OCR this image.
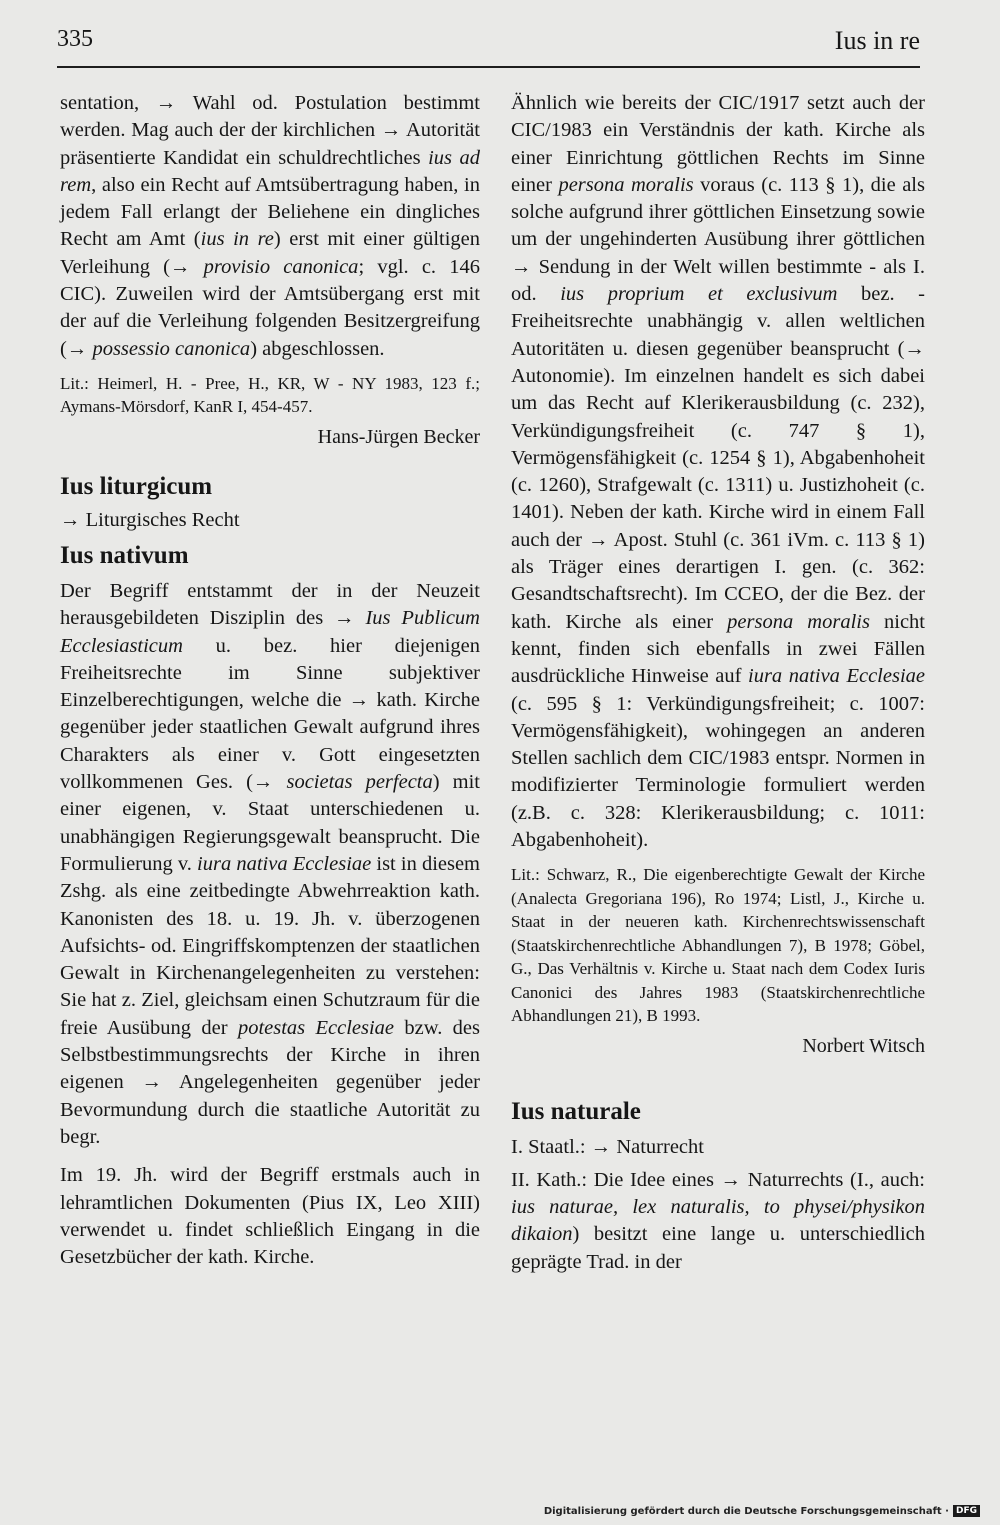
335	Ius in re

sentation, → Wahl od. Postulation bestimmt werden. Mag auch der der kirchlichen → Autorität präsentierte Kandidat ein schuldrechtliches ius ad rem, also ein Recht auf Amtsübertragung haben, in jedem Fall erlangt der Beliehene ein dingliches Recht am Amt (ius in re) erst mit einer gültigen Verleihung (→ provisio canonica; vgl. c. 146 CIC). Zuweilen wird der Amtsübergang erst mit der auf die Verleihung folgenden Besitzergreifung (→ possessio canonica) abgeschlossen.

Lit.: Heimerl, H. - Pree, H., KR, W - NY 1983, 123 f.; Aymans-Mörsdorf, KanR I, 454-457.

Hans-Jürgen Becker
Ius liturgicum

→ Liturgisches Recht

Ius nativum

Der Begriff entstammt der in der Neuzeit herausgebildeten Disziplin des → Ius Publicum Ecclesiasticum u. bez. hier diejenigen Freiheitsrechte im Sinne subjektiver Einzelberechtigungen, welche die → kath. Kirche gegenüber jeder staatlichen Gewalt aufgrund ihres Charakters als einer v. Gott eingesetzten vollkommenen Ges. (→ societas perfecta) mit einer eigenen, v. Staat unterschiedenen u. unabhängigen Regierungsgewalt beansprucht. Die Formulierung v. iura nativa Ecclesiae ist in diesem Zshg. als eine zeitbedingte Abwehrreaktion kath. Kanonisten des 18. u. 19. Jh. v. überzogenen Aufsichts- od. Eingriffskomptenzen der staatlichen Gewalt in Kirchenangelegenheiten zu verstehen: Sie hat z. Ziel, gleichsam einen Schutzraum für die freie Ausübung der potestas Ecclesiae bzw. des Selbstbestimmungsrechts der Kirche in ihren eigenen → Angelegenheiten gegenüber jeder Bevormundung durch die staatliche Autorität zu begr.

Im 19. Jh. wird der Begriff erstmals auch in lehramtlichen Dokumenten (Pius IX, Leo XIII) verwendet u. findet schließlich Eingang in die Gesetzbücher der kath. Kirche.

Ähnlich wie bereits der CIC/1917 setzt auch der CIC/1983 ein Verständnis der kath. Kirche als einer Einrichtung göttlichen Rechts im Sinne einer persona moralis voraus (c. 113 § 1), die als solche aufgrund ihrer göttlichen Einsetzung sowie um der ungehinderten Ausübung ihrer göttlichen → Sendung in der Welt willen bestimmte - als I. od. ius proprium et exclusivum bez. - Freiheitsrechte unabhängig v. allen weltlichen Autoritäten u. diesen gegenüber beansprucht (→ Autonomie). Im einzelnen handelt es sich dabei um das Recht auf Klerikerausbildung (c. 232), Verkündigungsfreiheit (c. 747 § 1), Vermögensfähigkeit (c. 1254 § 1), Abgabenhoheit (c. 1260), Strafgewalt (c. 1311) u. Justizhoheit (c. 1401). Neben der kath. Kirche wird in einem Fall auch der → Apost. Stuhl (c. 361 iVm. c. 113 § 1) als Träger eines derartigen I. gen. (c. 362: Gesandtschaftsrecht). Im CCEO, der die Bez. der kath. Kirche als einer persona moralis nicht kennt, finden sich ebenfalls in zwei Fällen ausdrückliche Hinweise auf iura nativa Ecclesiae (c. 595 § 1: Verkündigungsfreiheit; c. 1007: Vermögensfähigkeit), wohingegen an anderen Stellen sachlich dem CIC/1983 entspr. Normen in modifizierter Terminologie formuliert werden (z.B. c. 328: Klerikerausbildung; c. 1011: Abgabenhoheit).

Lit.: Schwarz, R., Die eigenberechtigte Gewalt der Kirche (Analecta Gregoriana 196), Ro 1974; Listl, J., Kirche u. Staat in der neueren kath. Kirchenrechtswissenschaft (Staatskirchenrechtliche Abhandlungen 7), B 1978; Göbel, G., Das Verhältnis v. Kirche u. Staat nach dem Codex Iuris Canonici des Jahres 1983 (Staatskirchenrechtliche Abhandlungen 21), B 1993.

Norbert Witsch
Ius naturale

I. Staatl.: → Naturrecht

II. Kath.: Die Idee eines → Naturrechts (I., auch: ius naturae, lex naturalis, to physei/physikon dikaion) besitzt eine lange u. unterschiedlich geprägte Trad. in der

Digitalisierung gefördert durch die Deutsche Forschungsgemeinschaft · DFG
